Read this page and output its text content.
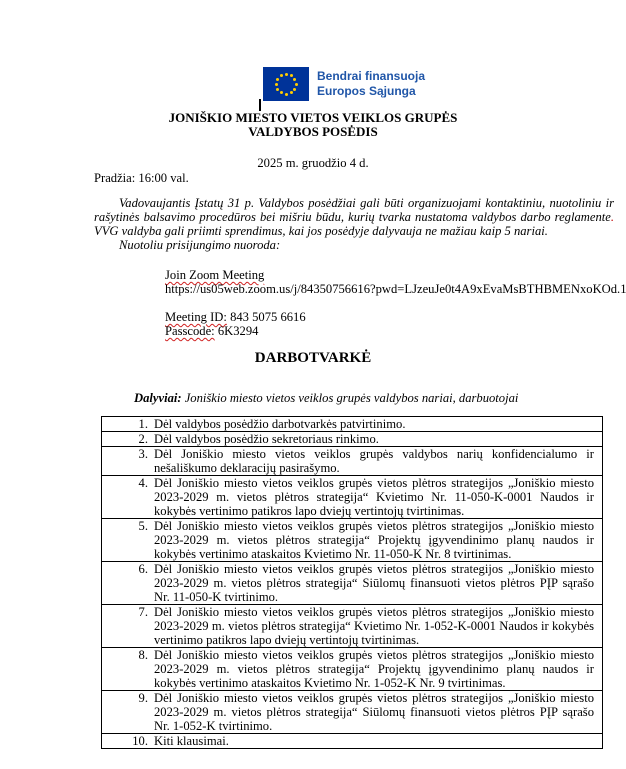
Bendrai finansuoja
Europos Sąjunga
JONIŠKIO MIESTO VIETOS VEIKLOS GRUPĖS
VALDYBOS POSĖDIS
2025 m. gruodžio 4 d.
Pradžia: 16:00 val.

Vadovaujantis Įstatų 31 p. Valdybos posėdžiai gali būti organizuojami kontaktiniu, nuotoliniu ir rašytinės balsavimo procedūros bei mišriu būdu, kurių tvarka nustatoma valdybos darbo reglamente. VVG valdyba gali priimti sprendimus, kai jos posėdyje dalyvauja ne mažiau kaip 5 nariai.

Nuotoliu prisijungimo nuoroda:

Join Zoom Meeting
https://us05web.zoom.us/j/84350756616?pwd=LJzeuJe0t4A9xEvaMsBTHBMENxoKOd.1
Meeting ID: 843 5075 6616
Passcode: 6K3294
DARBOTVARKĖ
Dalyviai: Joniškio miesto vietos veiklos grupės valdybos nariai, darbuotojai
1. Dėl valdybos posėdžio darbotvarkės patvirtinimo.

2. Dėl valdybos posėdžio sekretoriaus rinkimo.

3. Dėl Joniškio miesto vietos veiklos grupės valdybos narių konfidencialumo ir nešališkumo deklaracijų pasirašymo.

4. Dėl Joniškio miesto vietos veiklos grupės vietos plėtros strategijos „Joniškio miesto 2023-2029 m. vietos plėtros strategija“ Kvietimo Nr. 11-050-K-0001 Naudos ir kokybės vertinimo patikros lapo dviejų vertintojų tvirtinimas.

5. Dėl Joniškio miesto vietos veiklos grupės vietos plėtros strategijos „Joniškio miesto 2023-2029 m. vietos plėtros strategija“ Projektų įgyvendinimo planų naudos ir kokybės vertinimo ataskaitos Kvietimo Nr. 11-050-K Nr. 8 tvirtinimas.

6. Dėl Joniškio miesto vietos veiklos grupės vietos plėtros strategijos „Joniškio miesto 2023-2029 m. vietos plėtros strategija“ Siūlomų finansuoti vietos plėtros PĮP sąrašo Nr. 11-050-K tvirtinimo.

7. Dėl Joniškio miesto vietos veiklos grupės vietos plėtros strategijos „Joniškio miesto 2023-2029 m. vietos plėtros strategija“ Kvietimo Nr. 1-052-K-0001 Naudos ir kokybės vertinimo patikros lapo dviejų vertintojų tvirtinimas.

8. Dėl Joniškio miesto vietos veiklos grupės vietos plėtros strategijos „Joniškio miesto 2023-2029 m. vietos plėtros strategija“ Projektų įgyvendinimo planų naudos ir kokybės vertinimo ataskaitos Kvietimo Nr. 1-052-K Nr. 9 tvirtinimas.

9. Dėl Joniškio miesto vietos veiklos grupės vietos plėtros strategijos „Joniškio miesto 2023-2029 m. vietos plėtros strategija“ Siūlomų finansuoti vietos plėtros PĮP sąrašo Nr. 1-052-K tvirtinimo.

10. Kiti klausimai.
